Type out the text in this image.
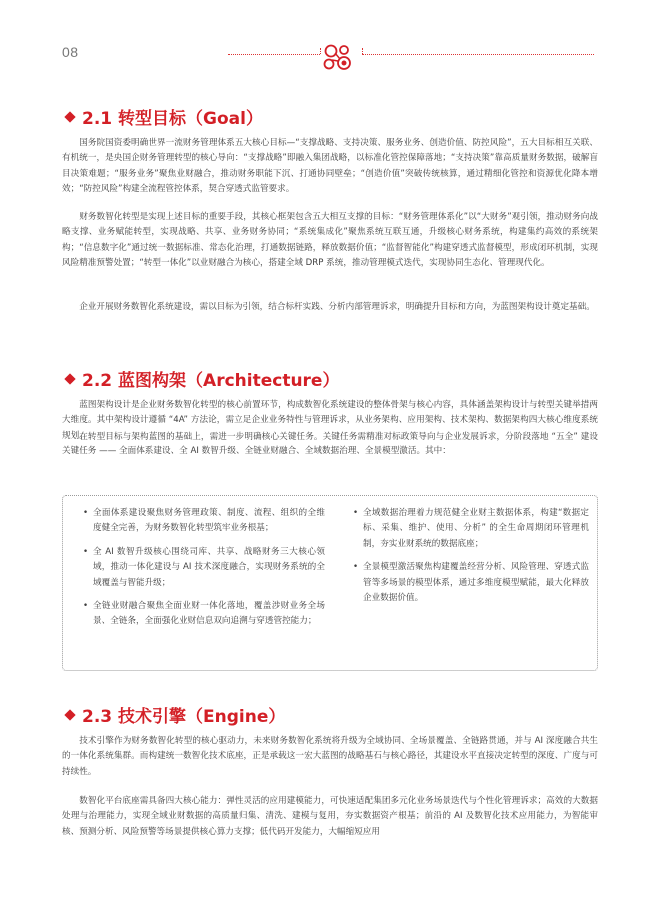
08
2.1 转型目标（Goal）

国务院国资委明确世界一流财务管理体系五大核心目标—“支撑战略、支持决策、服务业务、创造价值、防控风险”，五大目标相互关联、有机统一，是央国企财务管理转型的核心导向：“支撑战略”即融入集团战略，以标准化管控保障落地；“支持决策”靠高质量财务数据，破解盲目决策难题；“服务业务”聚焦业财融合，推动财务职能下沉、打通协同壁垒；“创造价值”突破传统核算，通过精细化管控和资源优化降本增效；“防控风险”构建全流程管控体系，契合穿透式监管要求。

财务数智化转型是实现上述目标的重要手段，其核心框架包含五大相互支撑的目标：“财务管理体系化”以“大财务”观引领，推动财务向战略支撑、业务赋能转型，实现战略、共享、业务财务协同；“系统集成化”聚焦系统互联互通，升级核心财务系统，构建集约高效的系统架构；“信息数字化”通过统一数据标准、常态化治理，打通数据链路，释放数据价值；“监督智能化”构建穿透式监督模型，形成闭环机制，实现风险精准预警处置；“转型一体化”以业财融合为核心，搭建全域 DRP 系统，推动管理模式迭代，实现协同生态化、管理现代化。

企业开展财务数智化系统建设，需以目标为引领，结合标杆实践、分析内部管理诉求，明确提升目标和方向，为蓝图架构设计奠定基础。

2.2 蓝图构架（Architecture）

蓝图架构设计是企业财务数智化转型的核心前置环节，构成数智化系统建设的整体骨架与核心内容，具体涵盖架构设计与转型关键举措两大维度。其中架构设计遵循 “4A” 方法论，需立足企业业务特性与管理诉求，从业务架构、应用架构、技术架构、数据架构四大核心维度系统规划。

在转型目标与架构蓝图的基础上，需进一步明确核心关键任务。关键任务需精准对标政策导向与企业发展诉求，分阶段落地 “五全” 建设关键任务 —— 全面体系建设、全 AI 数智升级、全链业财融合、全域数据治理、全景模型激活。其中：

• 全面体系建设聚焦财务管理政策、制度、流程、组织的全维度健全完善，为财务数智化转型筑牢业务根基；
• 全 AI 数智升级核心围绕司库、共享、战略财务三大核心领域，推动一体化建设与 AI 技术深度融合，实现财务系统的全域覆盖与智能升级；
• 全链业财融合聚焦全面业财一体化落地，覆盖涉财业务全场景、全链条，全面强化业财信息双向追溯与穿透管控能力；
• 全域数据治理着力规范健全业财主数据体系，构建“数据定标、采集、维护、使用、分析” 的全生命周期闭环管理机制，夯实业财系统的数据底座；
• 全景模型激活聚焦构建覆盖经营分析、风险管理、穿透式监管等多场景的模型体系，通过多维度模型赋能，最大化释放企业数据价值。
2.3 技术引擎（Engine）

技术引擎作为财务数智化转型的核心驱动力，未来财务数智化系统将升级为全域协同、全场景覆盖、全链路贯通，并与 AI 深度融合共生的一体化系统集群。而构建统一数智化技术底座，正是承载这一宏大蓝图的战略基石与核心路径，其建设水平直接决定转型的深度、广度与可持续性。

数智化平台底座需具备四大核心能力：弹性灵活的应用建模能力，可快速适配集团多元化业务场景迭代与个性化管理诉求；高效的大数据处理与治理能力，实现全域业财数据的高质量归集、清洗、建模与复用，夯实数据资产根基；前沿的 AI 及数智化技术应用能力，为智能审核、预测分析、风险预警等场景提供核心算力支撑；低代码开发能力，大幅缩短应用
